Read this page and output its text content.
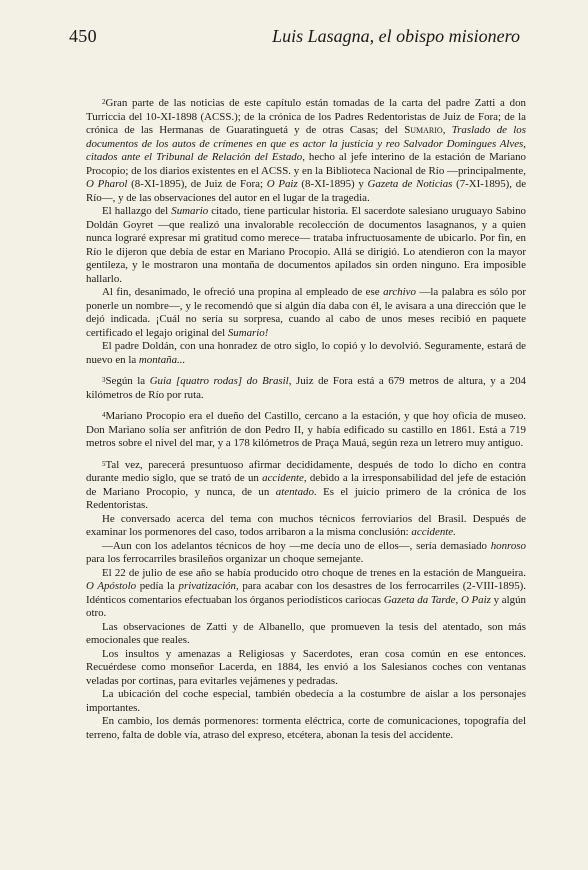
450	Luis Lasagna, el obispo misionero

$^2$Gran parte de las noticias de este capítulo están tomadas de la carta del padre Zatti a don Turriccia del 10-XI-1898 (ACSS.); de la crónica de los Padres Redentoristas de Juiz de Fora; de la crónica de las Hermanas de Guaratinguetá y de otras Casas; del Sumario, Traslado de los documentos de los autos de crímenes en que es actor la justicia y reo Salvador Domingues Alves, citados ante el Tribunal de Relación del Estado, hecho al jefe interino de la estación de Mariano Procopio; de los diarios existentes en el ACSS. y en la Biblioteca Nacional de Río —principalmente, O Pharol (8-XI-1895), de Juiz de Fora; O Paiz (8-XI-1895) y Gazeta de Noticias (7-XI-1895), de Río—, y de las observaciones del autor en el lugar de la tragedia.

El hallazgo del Sumario citado, tiene particular historia. El sacerdote salesiano uruguayo Sabino Doldán Goyret —que realizó una invalorable recolección de documentos lasagnanos, y a quien nunca lograré expresar mi gratitud como merece— trataba infructuosamente de ubicarlo. Por fin, en Río le dijeron que debía de estar en Mariano Procopio. Allá se dirigió. Lo atendieron con la mayor gentileza, y le mostraron una montaña de documentos apilados sin orden ninguno. Era imposible hallarlo.

Al fin, desanimado, le ofreció una propina al empleado de ese archivo —la palabra es sólo por ponerle un nombre—, y le recomendó que si algún día daba con él, le avisara a una dirección que le dejó indicada. ¡Cuál no sería su sorpresa, cuando al cabo de unos meses recibió en paquete certificado el legajo original del Sumario!

El padre Doldán, con una honradez de otro siglo, lo copió y lo devolvió. Seguramente, estará de nuevo en la montaña...

$^3$Según la Guia [quatro rodas] do Brasil, Juiz de Fora está a 679 metros de altura, y a 204 kilómetros de Río por ruta.

$^4$Mariano Procopio era el dueño del Castillo, cercano a la estación, y que hoy oficia de museo. Don Mariano solía ser anfitrión de don Pedro II, y había edificado su castillo en 1861. Está a 719 metros sobre el nivel del mar, y a 178 kilómetros de Praça Mauá, según reza un letrero muy antiguo.

$^5$Tal vez, parecerá presuntuoso afirmar decididamente, después de todo lo dicho en contra durante medio siglo, que se trató de un accidente, debido a la irresponsabilidad del jefe de estación de Mariano Procopio, y nunca, de un atentado. Es el juicio primero de la crónica de los Redentoristas.

He conversado acerca del tema con muchos técnicos ferroviarios del Brasil. Después de examinar los pormenores del caso, todos arribaron a la misma conclusión: accidente.

—Aun con los adelantos técnicos de hoy —me decía uno de ellos—, sería demasiado honroso para los ferrocarriles brasileños organizar un choque semejante.

El 22 de julio de ese año se había producido otro choque de trenes en la estación de Mangueira. O Apóstolo pedía la privatización, para acabar con los desastres de los ferrocarriles (2-VIII-1895). Idénticos comentarios efectuaban los órganos periodísticos cariocas Gazeta da Tarde, O Paiz y algún otro.

Las observaciones de Zatti y de Albanello, que promueven la tesis del atentado, son más emocionales que reales.

Los insultos y amenazas a Religiosas y Sacerdotes, eran cosa común en ese entonces. Recuérdese como monseñor Lacerda, en 1884, les envió a los Salesianos coches con ventanas veladas por cortinas, para evitarles vejámenes y pedradas.

La ubicación del coche especial, también obedecía a la costumbre de aislar a los personajes importantes.

En cambio, los demás pormenores: tormenta eléctrica, corte de comunicaciones, topografía del terreno, falta de doble vía, atraso del expreso, etcétera, abonan la tesis del accidente.
